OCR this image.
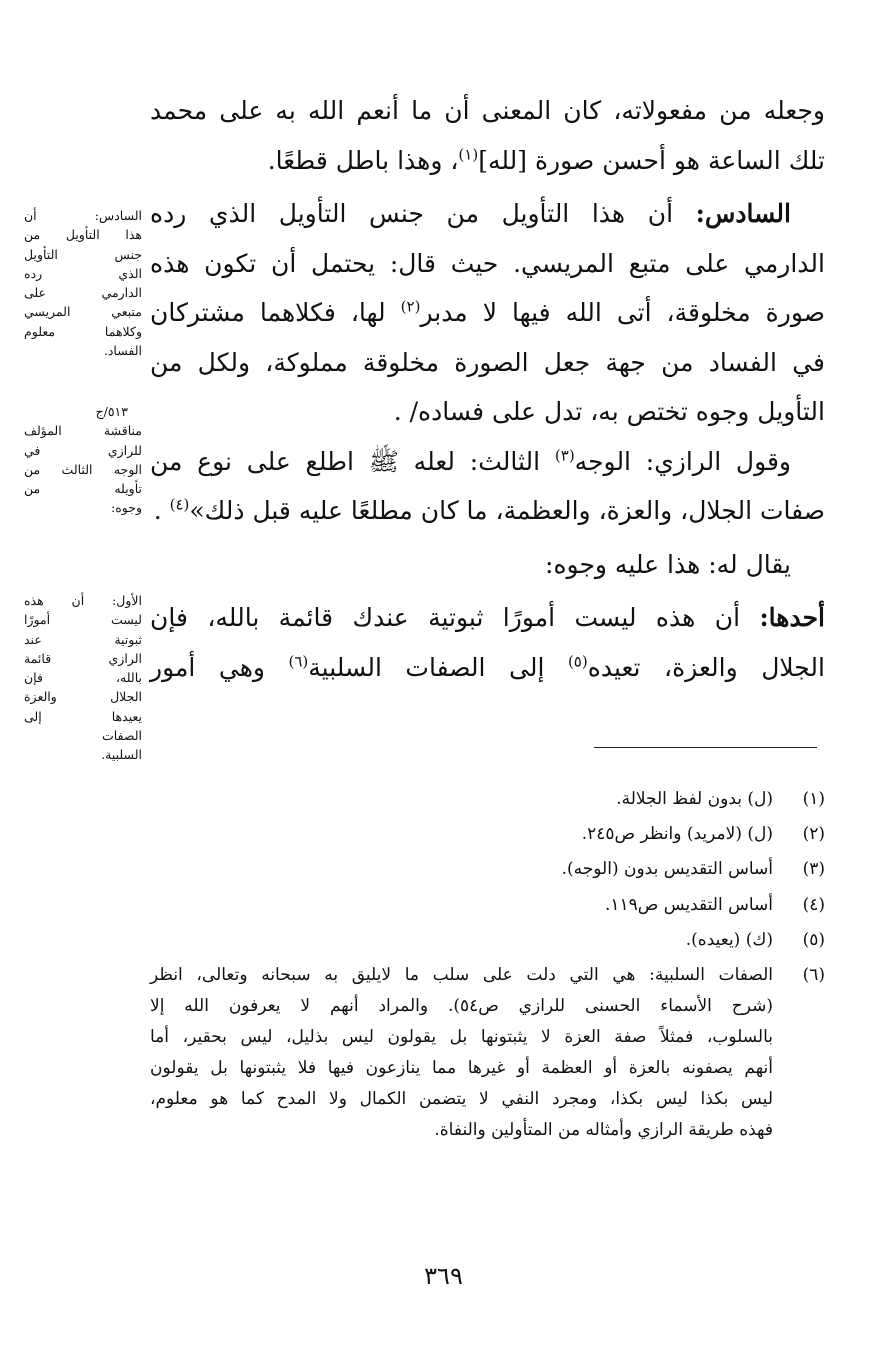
وجعله من مفعولاته، كان المعنى أن ما أنعم الله به على محمد
تلك الساعة هو أحسن صورة [لله]$^{(١)}$، وهذا باطل قطعًا.

السادس: أن هذا التأويل من جنس التأويل الذي رده
الدارمي على متبع المريسي. حيث قال: يحتمل أن تكون هذه
صورة مخلوقة، أتى الله فيها لا مدبر$^{(٢)}$ لها، فكلاهما مشتركان
في الفساد من جهة جعل الصورة مخلوقة مملوكة، ولكل من
التأويل وجوه تختص به، تدل على فساده/ .

وقول الرازي: الوجه$^{(٣)}$ الثالث: لعله ﷺ اطلع على نوع من
صفات الجلال، والعزة، والعظمة، ما كان مطلعًا عليه قبل ذلك»$^{(٤)}$ .

يقال له: هذا عليه وجوه:

أحدها: أن هذه ليست أمورًا ثبوتية عندك قائمة بالله، فإن
الجلال والعزة، تعيده$^{(٥)}$ إلى الصفات السلبية$^{(٦)}$ وهي أمور

السادس: أن
هذا التأويل من
جنس التأويل
الذي رده
الدارمي على
متبعي المريسي
وكلاهما معلوم
الفساد.
٥١٣/ج
مناقشة المؤلف
للرازي في
الوجه الثالث من
تأويله من
وجوه:
الأول: أن هذه
ليست أمورًا
ثبوتية عند
الرازي قائمة
بالله، فإن
الجلال والعزة
يعيدها إلى
الصفات
السلبية.
(١)
(ل) بدون لفظ الجلالة.
(٢)
(ل) (لامريد) وانظر ص٢٤٥.
(٣)
أساس التقديس بدون (الوجه).
(٤)
أساس التقديس ص١١٩.
(٥)
(ك) (يعيده).
(٦)
الصفات السلبية: هي التي دلت على سلب ما لايليق به سبحانه وتعالى، انظر
(شرح الأسماء الحسنى للرازي ص٥٤). والمراد أنهم لا يعرفون الله إلا
بالسلوب، فمثلاً صفة العزة لا يثبتونها بل يقولون ليس بذليل، ليس بحقير، أما
أنهم يصفونه بالعزة أو العظمة أو غيرها مما ينازعون فيها فلا يثبتونها بل يقولون
ليس بكذا ليس بكذا، ومجرد النفي لا يتضمن الكمال ولا المدح كما هو معلوم،
فهذه طريقة الرازي وأمثاله من المتأولين والنفاة.
٣٦٩
